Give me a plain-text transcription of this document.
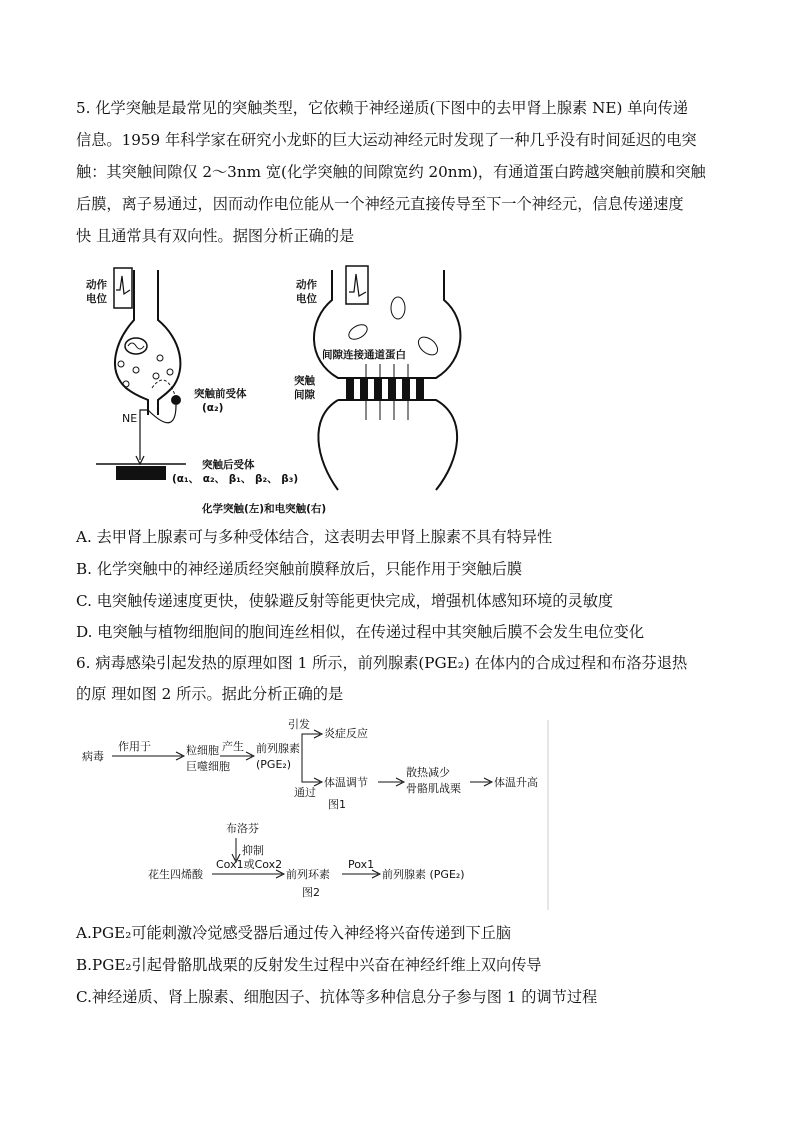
5. 化学突触是最常见的突触类型，它依赖于神经递质(下图中的去甲肾上腺素 NE) 单向传递

信息。1959 年科学家在研究小龙虾的巨大运动神经元时发现了一种几乎没有时间延迟的电突

触：其突触间隙仅 2～3nm 宽(化学突触的间隙宽约 20nm)，有通道蛋白跨越突触前膜和突触

后膜，离子易通过，因而动作电位能从一个神经元直接传导至下一个神经元，信息传递速度

快 且通常具有双向性。据图分析正确的是

动作
电位
NE
突触前受体
(α₂)
突触后受体
(α₁、 α₂、 β₁、 β₂、 β₃)
动作
电位
间隙连接通道蛋白
突触
间隙
化学突触(左)和电突触(右)

A. 去甲肾上腺素可与多种受体结合，这表明去甲肾上腺素不具有特异性

B. 化学突触中的神经递质经突触前膜释放后，只能作用于突触后膜

C. 电突触传递速度更快，使躲避反射等能更快完成，增强机体感知环境的灵敏度

D. 电突触与植物细胞间的胞间连丝相似，在传递过程中其突触后膜不会发生电位变化

6. 病毒感染引起发热的原理如图 1 所示，前列腺素(PGE₂) 在体内的合成过程和布洛芬退热

的原 理如图 2 所示。据此分析正确的是

病毒
作用于	粒细胞
巨噬细胞
产生 前列腺素
(PGE₂)
引发
炎症反应
通过
体温调节
散热减少
骨骼肌战栗	体温升高
图1
布洛芬
抑制
花生四烯酸
Cox1或Cox2
前列环素
Pox1
前列腺素 (PGE₂)
图2

A.PGE₂可能刺激冷觉感受器后通过传入神经将兴奋传递到下丘脑

B.PGE₂引起骨骼肌战栗的反射发生过程中兴奋在神经纤维上双向传导

C.神经递质、肾上腺素、细胞因子、抗体等多种信息分子参与图 1 的调节过程
